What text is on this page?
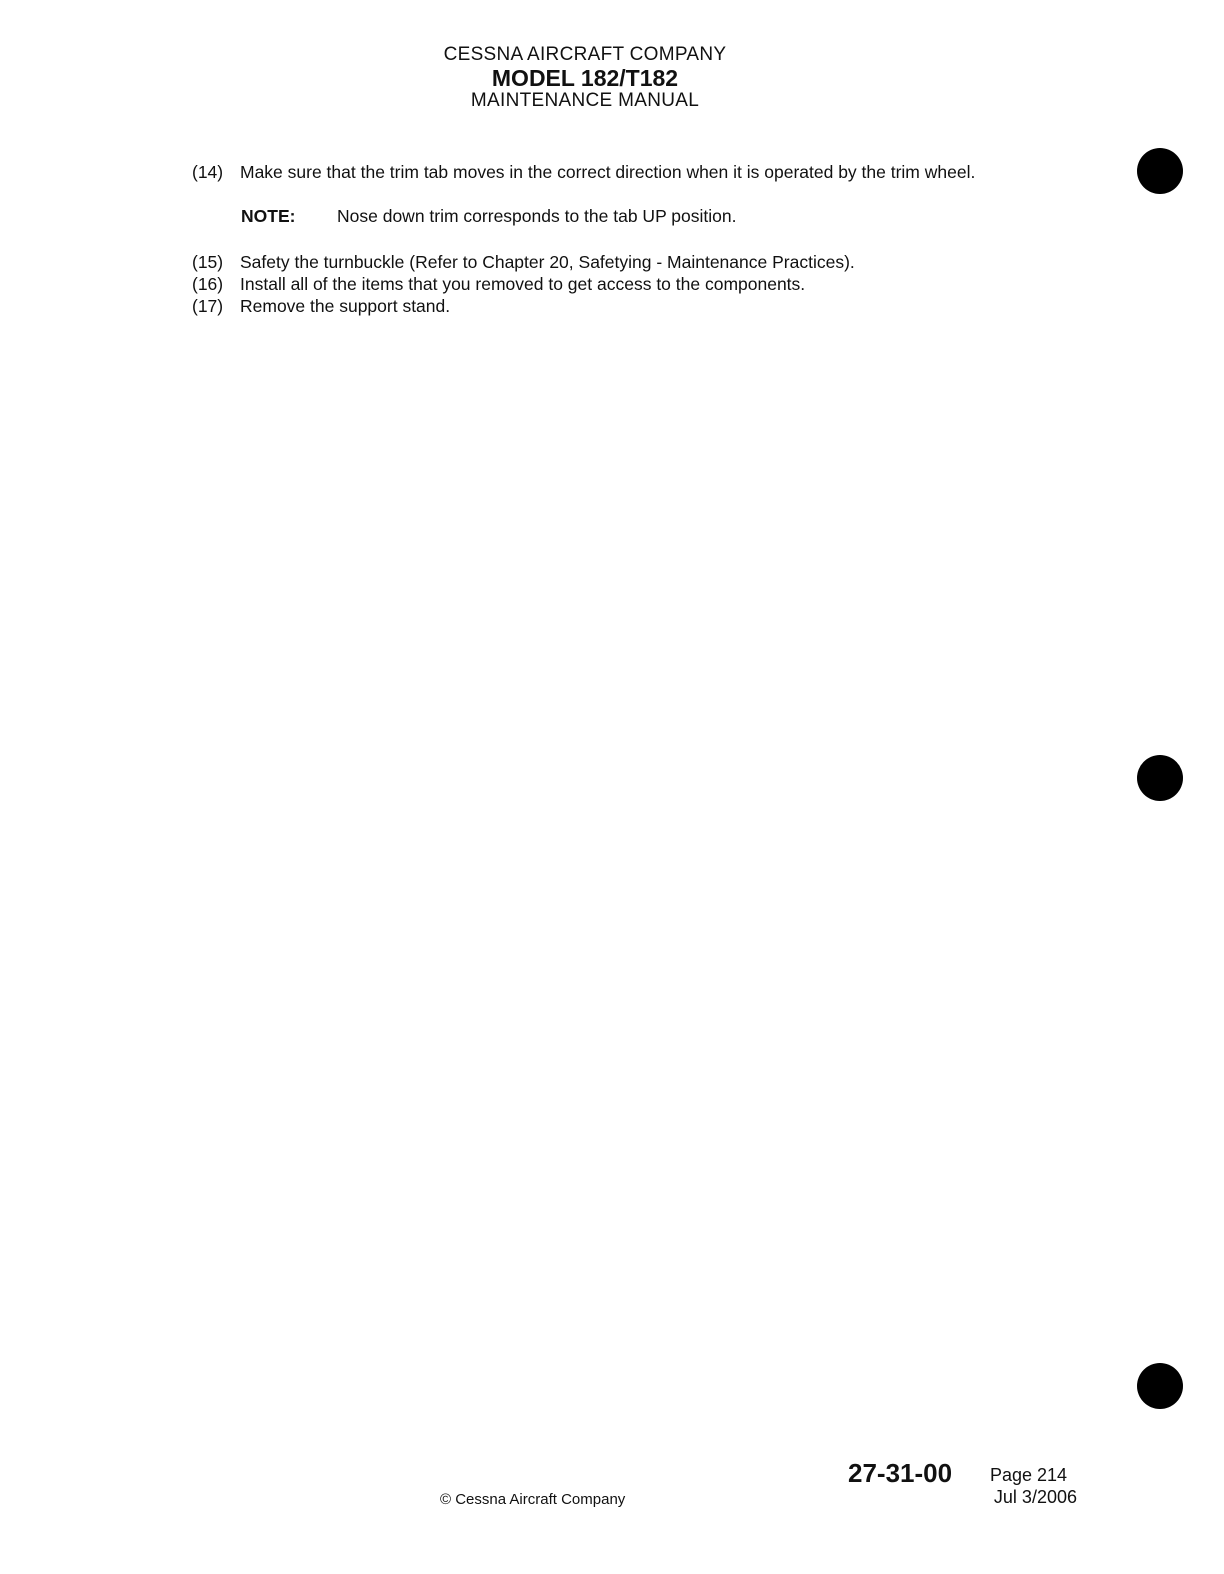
CESSNA AIRCRAFT COMPANY
MODEL 182/T182
MAINTENANCE MANUAL
(14) Make sure that the trim tab moves in the correct direction when it is operated by the trim wheel.
NOTE: Nose down trim corresponds to the tab UP position.
(15) Safety the turnbuckle (Refer to Chapter 20, Safetying - Maintenance Practices).
(16) Install all of the items that you removed to get access to the components.
(17) Remove the support stand.
27-31-00 Page 214
Jul 3/2006
© Cessna Aircraft Company
